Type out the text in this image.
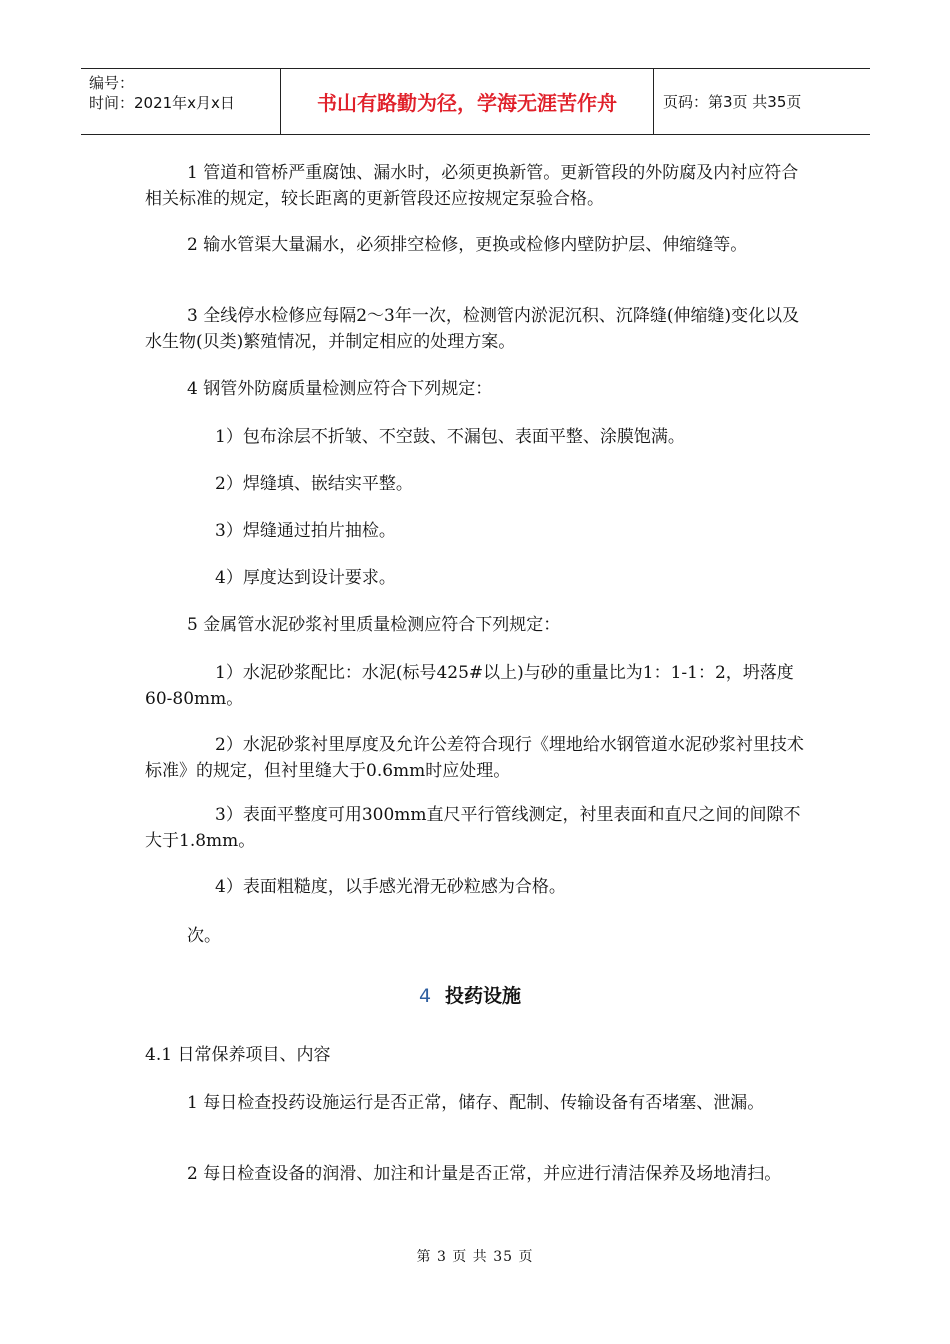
编号：
时间：2021年x月x日	书山有路勤为径，学海无涯苦作舟	页码：第3页 共35页

1 管道和管桥严重腐蚀、漏水时，必须更换新管。更新管段的外防腐及内衬应符合相关标准的规定，较长距离的更新管段还应按规定泵验合格。

2 输水管渠大量漏水，必须排空检修，更换或检修内壁防护层、伸缩缝等。

3 全线停水检修应每隔2～3年一次，检测管内淤泥沉积、沉降缝(伸缩缝)变化以及水生物(贝类)繁殖情况，并制定相应的处理方案。

4 钢管外防腐质量检测应符合下列规定：

1）包布涂层不折皱、不空鼓、不漏包、表面平整、涂膜饱满。

2）焊缝填、嵌结实平整。

3）焊缝通过拍片抽检。

4）厚度达到设计要求。

5 金属管水泥砂浆衬里质量检测应符合下列规定：

1）水泥砂浆配比：水泥(标号425#以上)与砂的重量比为1：1-1：2，坍落度60-80mm。

2）水泥砂浆衬里厚度及允许公差符合现行《埋地给水钢管道水泥砂浆衬里技术标准》的规定，但衬里缝大于0.6mm时应处理。

3）表面平整度可用300mm直尺平行管线测定，衬里表面和直尺之间的间隙不大于1.8mm。

4）表面粗糙度，以手感光滑无砂粒感为合格。

次。

4 投药设施

4.1 日常保养项目、内容

1 每日检查投药设施运行是否正常，储存、配制、传输设备有否堵塞、泄漏。

2 每日检查设备的润滑、加注和计量是否正常，并应进行清洁保养及场地清扫。

第 3 页 共 35 页
